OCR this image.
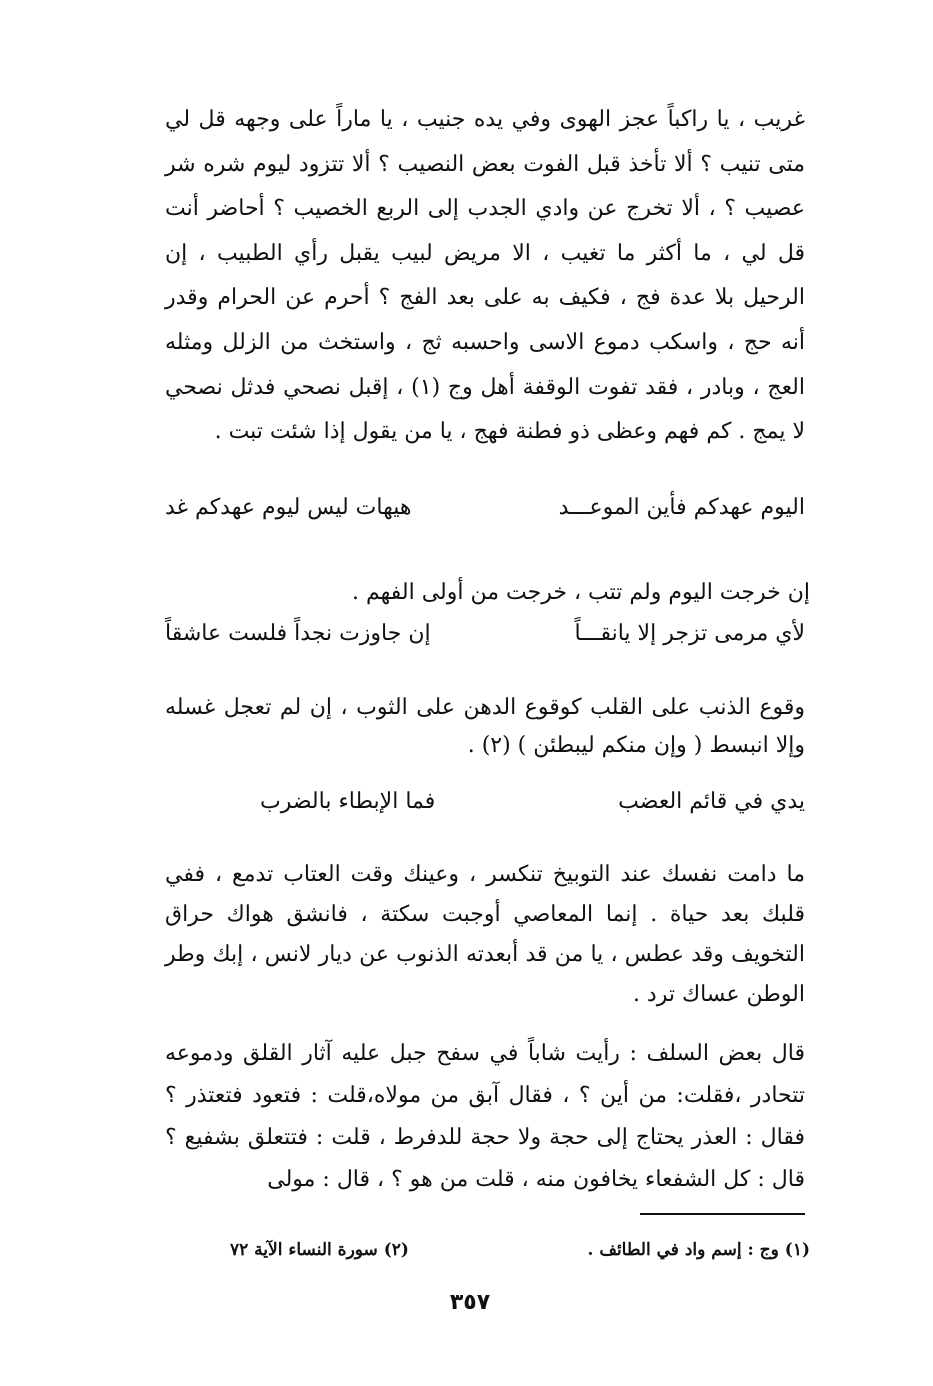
غريب ، يا راكباً عجز الهوى وفي يده جنيب ، يا ماراً على وجهه قل لي متى تنيب ؟ ألا تأخذ قبل الفوت بعض النصيب ؟ ألا تتزود ليوم شره شر عصيب ؟ ، ألا تخرج عن وادي الجدب إلى الربع الخصيب ؟ أحاضر أنت قل لي ، ما أكثر ما تغيب ، الا مريض لبيب يقبل رأي الطبيب ، إن الرحيل بلا عدة فج ، فكيف به على بعد الفج ؟ أحرم عن الحرام وقدر أنه حج ، واسكب دموع الاسى واحسبه ثج ، واستخث من الزلل ومثله العج ، وبادر ، فقد تفوت الوقفة أهل وج (١) ، إقبل نصحي فدثل نصحي لا يمج . كم فهم وعظى ذو فطنة فهج ، يا من يقول إذا شئت تبت .

اليوم عهدكم فأين الموعـــد
هيهات ليس ليوم عهدكم غد

إن خرجت اليوم ولم تتب ، خرجت من أولى الفهم .

لأي مرمى تزجر إلا يانقـــاً
إن جاوزت نجداً فلست عاشقاً

وقوع الذنب على القلب كوقوع الدهن على الثوب ، إن لم تعجل غسله وإلا انبسط ( وإن منكم ليبطئن ) (٢) .

يدي في قائم العضب
فما الإبطاء بالضرب

ما دامت نفسك عند التوبيخ تنكسر ، وعينك وقت العتاب تدمع ، ففي قلبك بعد حياة . إنما المعاصي أوجبت سكتة ، فانشق هواك حراق التخويف وقد عطس ، يا من قد أبعدته الذنوب عن ديار لانس ، إبك وطر الوطن عساك ترد .

قال بعض السلف : رأيت شاباً في سفح جبل عليه آثار القلق ودموعه تتحادر ،فقلت: من أين ؟ ، فقال آبق من مولاه،قلت : فتعود فتعتذر ؟ فقال : العذر يحتاج إلى حجة ولا حجة للدفرط ، قلت : فتتعلق بشفيع ؟ قال : كل الشفعاء يخافون منه ، قلت من هو ؟ ، قال : مولى

(١) وج : إسم واد في الطائف .
(٢) سورة النساء الآية ٧٢
٣٥٧
